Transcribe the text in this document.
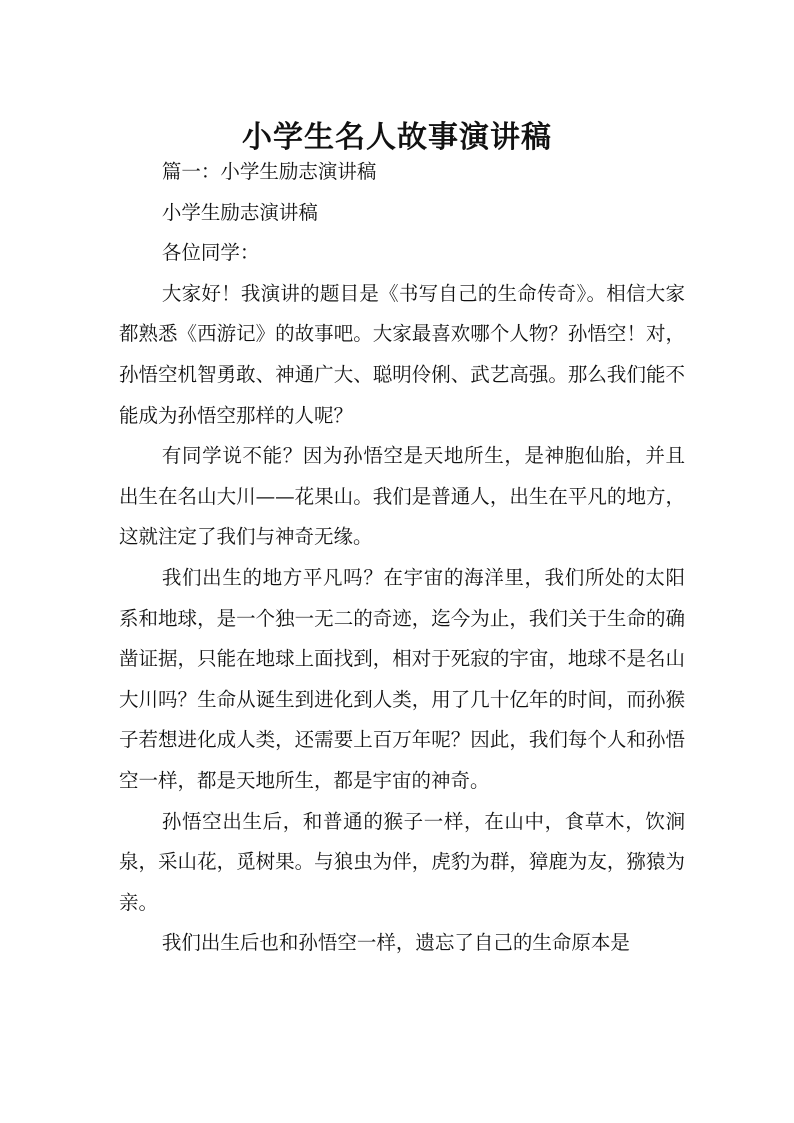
小学生名人故事演讲稿

篇一：小学生励志演讲稿

小学生励志演讲稿

各位同学：

大家好！我演讲的题目是《书写自己的生命传奇》。相信大家都熟悉《西游记》的故事吧。大家最喜欢哪个人物？孙悟空！对，孙悟空机智勇敢、神通广大、聪明伶俐、武艺高强。那么我们能不能成为孙悟空那样的人呢？

有同学说不能？因为孙悟空是天地所生，是神胞仙胎，并且出生在名山大川——花果山。我们是普通人，出生在平凡的地方，这就注定了我们与神奇无缘。

我们出生的地方平凡吗？在宇宙的海洋里，我们所处的太阳系和地球，是一个独一无二的奇迹，迄今为止，我们关于生命的确凿证据，只能在地球上面找到，相对于死寂的宇宙，地球不是名山大川吗？生命从诞生到进化到人类，用了几十亿年的时间，而孙猴子若想进化成人类，还需要上百万年呢？因此，我们每个人和孙悟空一样，都是天地所生，都是宇宙的神奇。

孙悟空出生后，和普通的猴子一样，在山中，食草木，饮涧泉，采山花，觅树果。与狼虫为伴，虎豹为群，獐鹿为友，猕猿为亲。

我们出生后也和孙悟空一样，遗忘了自己的生命原本是
